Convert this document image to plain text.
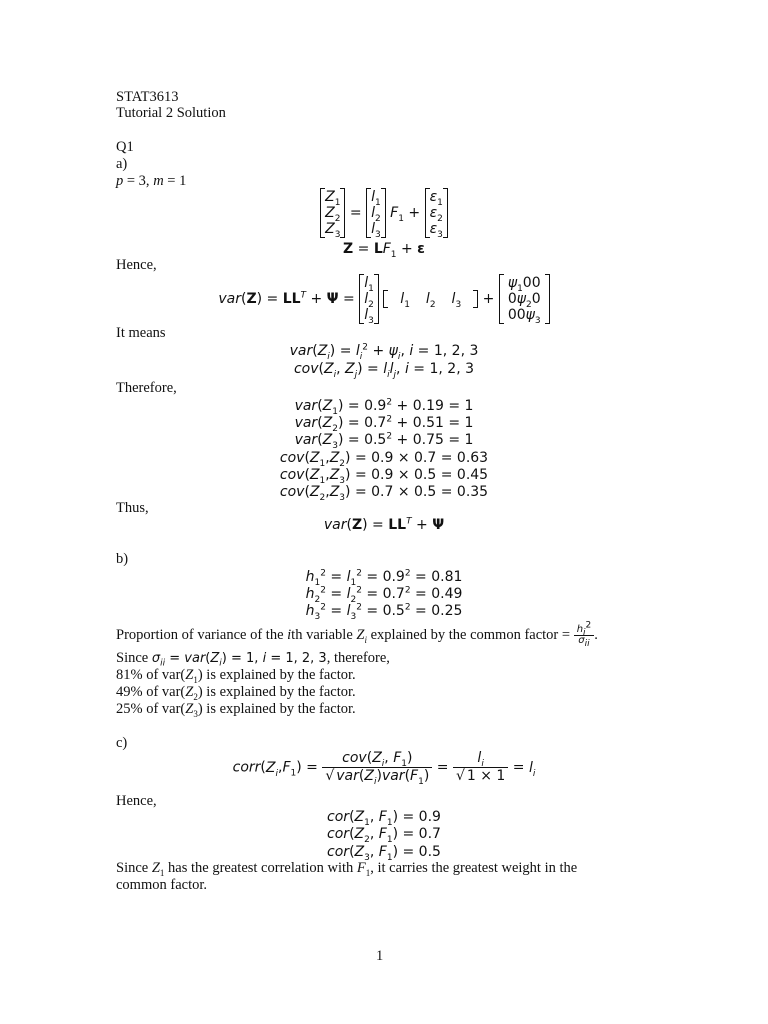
STAT3613
Tutorial 2 Solution
Q1
a)
p = 3, m = 1
$Z_1$
$Z_2$
$Z_3$
=
$l_1$
$l_2$
$l_3$
$F_1$ +
$\varepsilon_1$
$\varepsilon_2$
$\varepsilon_3$
$Z = LF_1 + \varepsilon$
Hence,
$var(Z) = LL^T + \Psi$ =
$l_1$
$l_2$
$l_3$

$l_1$ $l_2$ $l_3$	+
$\psi_100$
$0\psi_20$
$00\psi_3$
It means
$var(Z_i) = l_i^2 + \psi_i$, i = 1, 2, 3
$cov(Z_i$, $Z_j) = l_il_j$, i = 1, 2, 3
Therefore,
$var(Z_1) = 0.9^2 + 0.19 = 1$
$var(Z_2) = 0.7^2 + 0.51 = 1$
$var(Z_3) = 0.5^2 + 0.75 = 1$
$cov(Z_1,Z_2) = 0.9 \times 0.7 = 0.63$
$cov(Z_1,Z_3) = 0.9 \times 0.5 = 0.45$
$cov(Z_2,Z_3) = 0.7 \times 0.5 = 0.35$
Thus,
$var(Z) = LL^T + \Psi$
b)
$h_1^2 = l_1^2 = 0.9^2 = 0.81$
$h_2^2 = l_2^2 = 0.7^2 = 0.49$
$h_3^2 = l_3^2 = 0.5^2 = 0.25$
Proportion of variance of the ith variable $Z_i$ explained by the common factor = $\frac{h_i^2}{\sigma_{ii}}$ .
Since $\sigma_{ii} = var(Z_i) = 1$, i = 1, 2, 3, therefore,
81% of $var(Z_1)$ is explained by the factor.
49% of $var(Z_2)$ is explained by the factor.
25% of $var(Z_3)$ is explained by the factor.
c)
$corr(Z_i,F_1) = \frac{cov(Z_i, F_1)}{√ var(Z_i)var(F_1)} = \frac{l_i}{√ 1 \times 1} = l_i$
Hence,
$cor(Z_1$, $F_1) = 0.9$
$cor(Z_2$, $F_1) = 0.7$
$cor(Z_3$, $F_1) = 0.5$
Since $Z_1$ has the greatest correlation with $F_1$, it carries the greatest weight in the
common factor.
1
